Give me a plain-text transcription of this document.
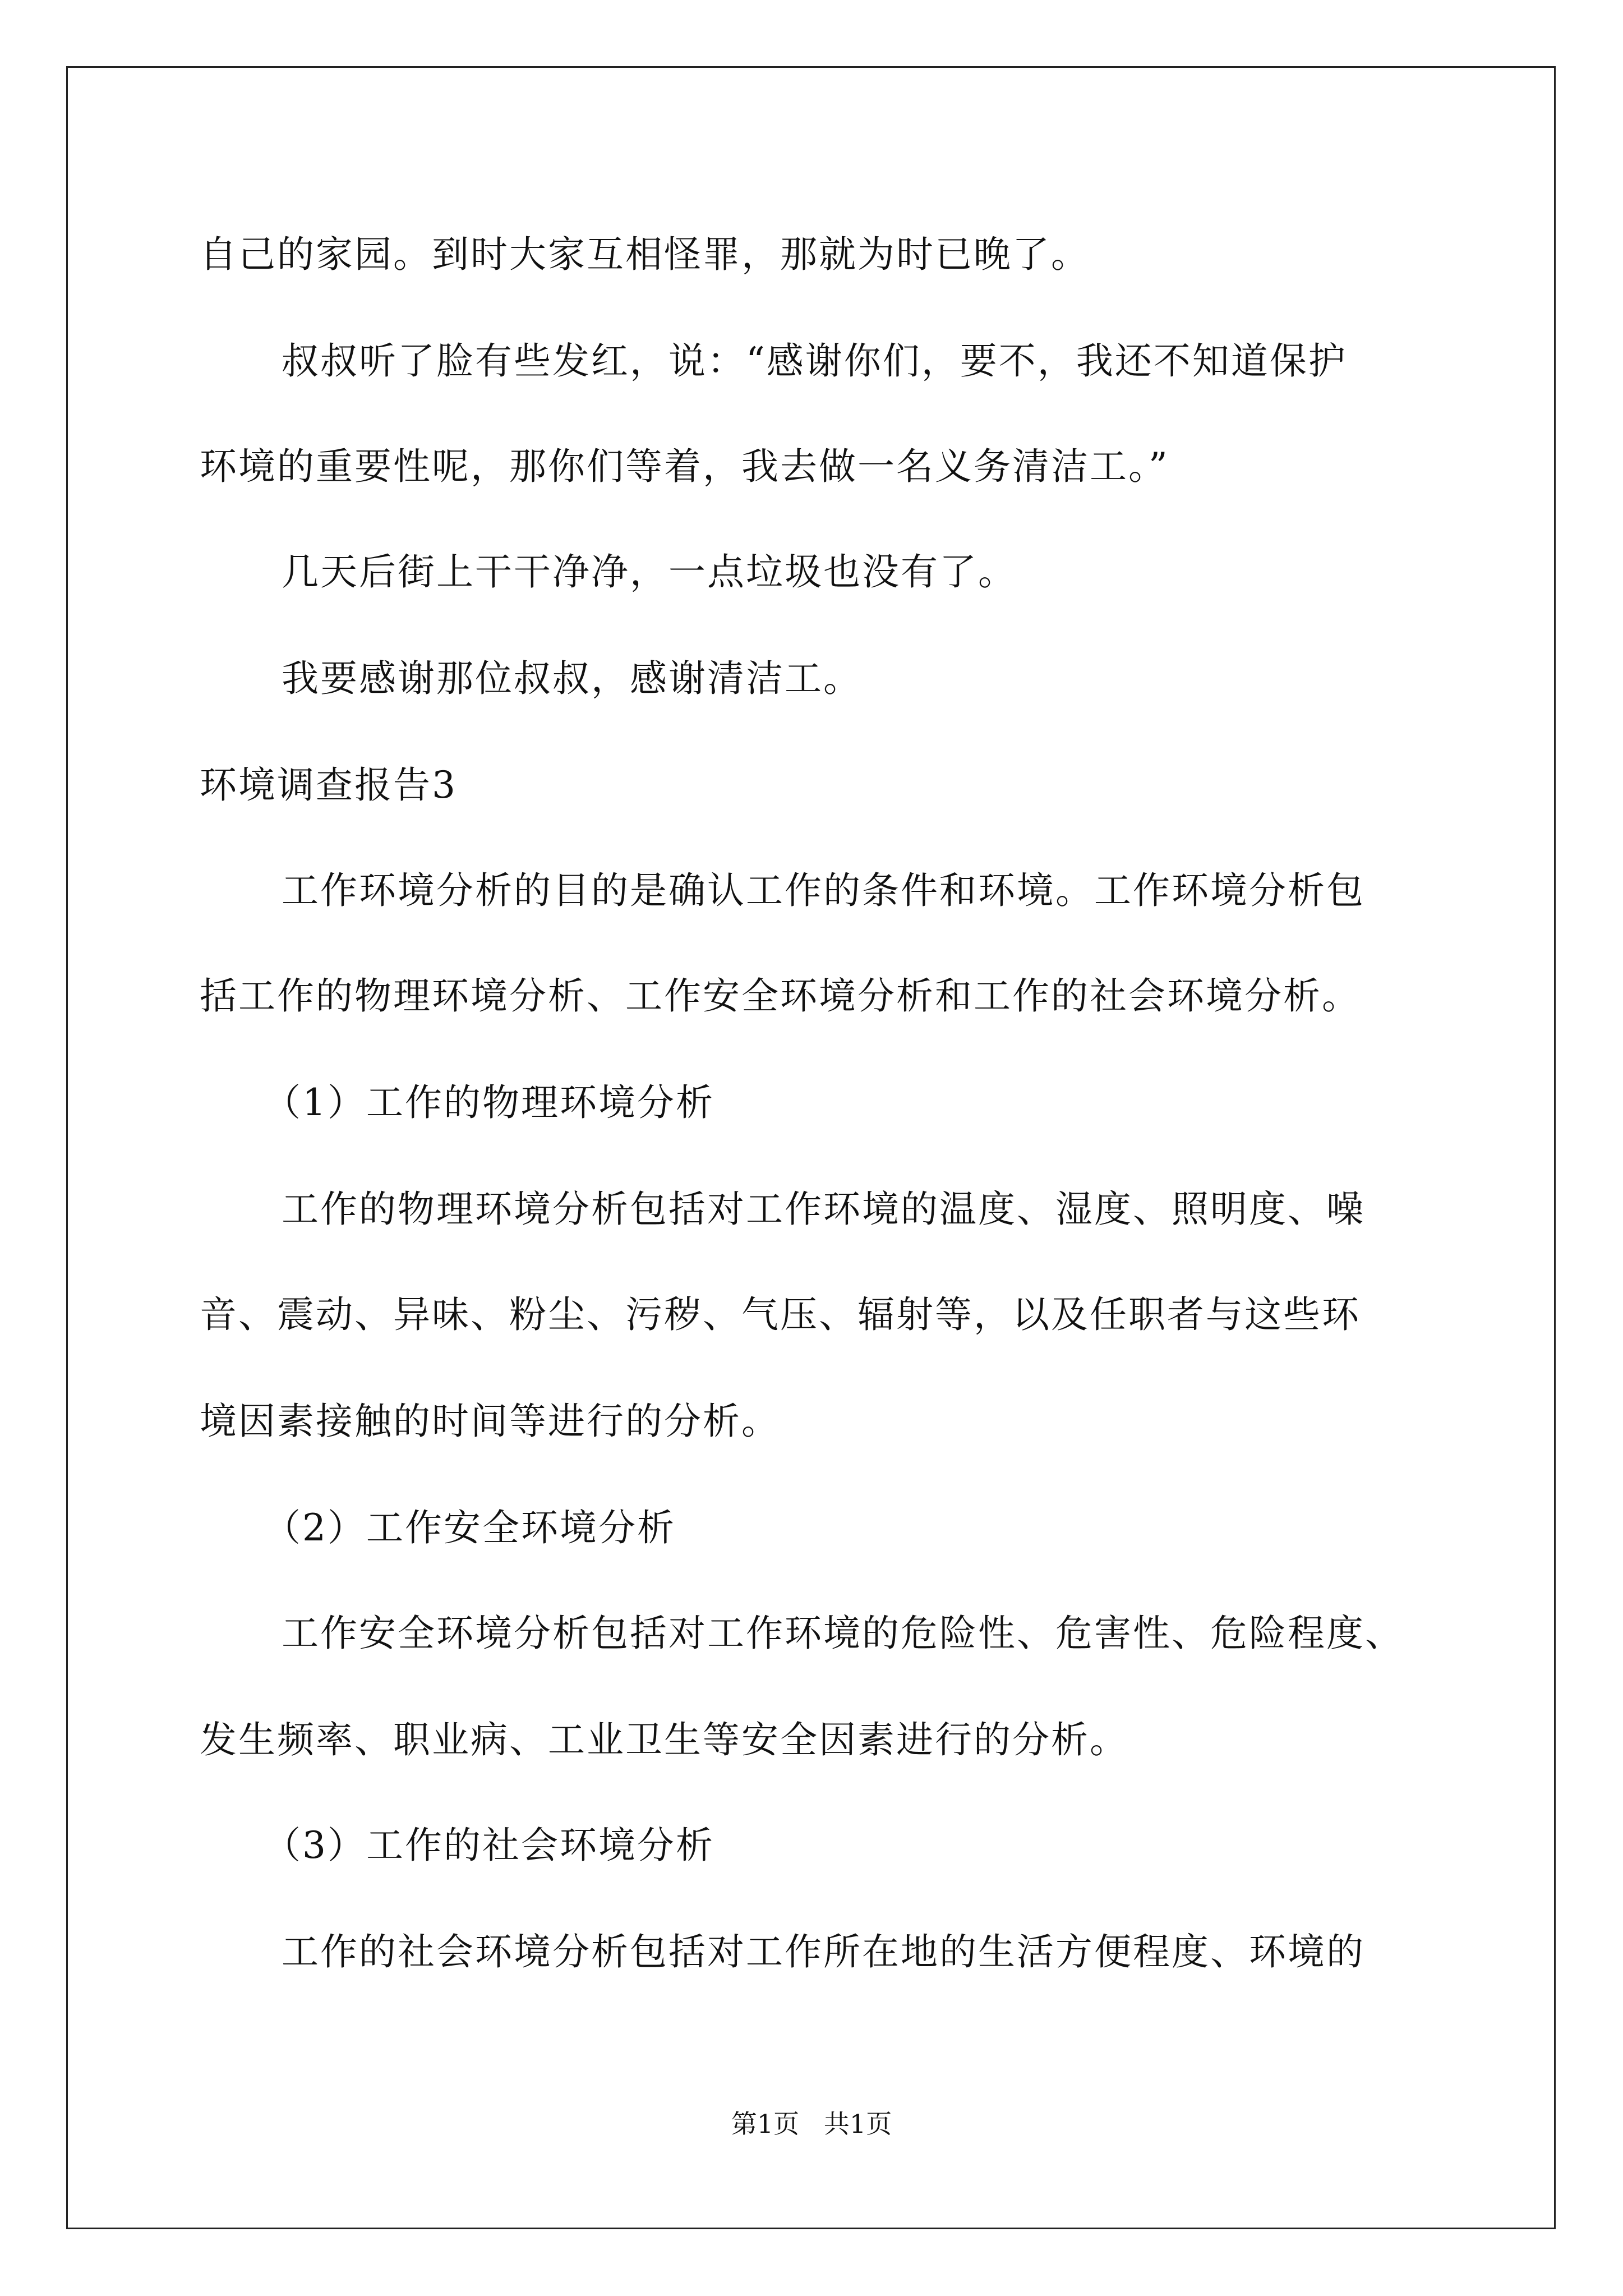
自己的家园。到时大家互相怪罪，那就为时已晚了。
叔叔听了脸有些发红，说：“感谢你们，要不，我还不知道保护
环境的重要性呢，那你们等着，我去做一名义务清洁工。”
几天后街上干干净净，一点垃圾也没有了。
我要感谢那位叔叔，感谢清洁工。
环境调查报告3
工作环境分析的目的是确认工作的条件和环境。工作环境分析包
括工作的物理环境分析、工作安全环境分析和工作的社会环境分析。
（1）工作的物理环境分析
工作的物理环境分析包括对工作环境的温度、湿度、照明度、噪
音、震动、异味、粉尘、污秽、气压、辐射等，以及任职者与这些环
境因素接触的时间等进行的分析。
（2）工作安全环境分析
工作安全环境分析包括对工作环境的危险性、危害性、危险程度、
发生频率、职业病、工业卫生等安全因素进行的分析。
（3）工作的社会环境分析
工作的社会环境分析包括对工作所在地的生活方便程度、环境的
第1页   共1页
